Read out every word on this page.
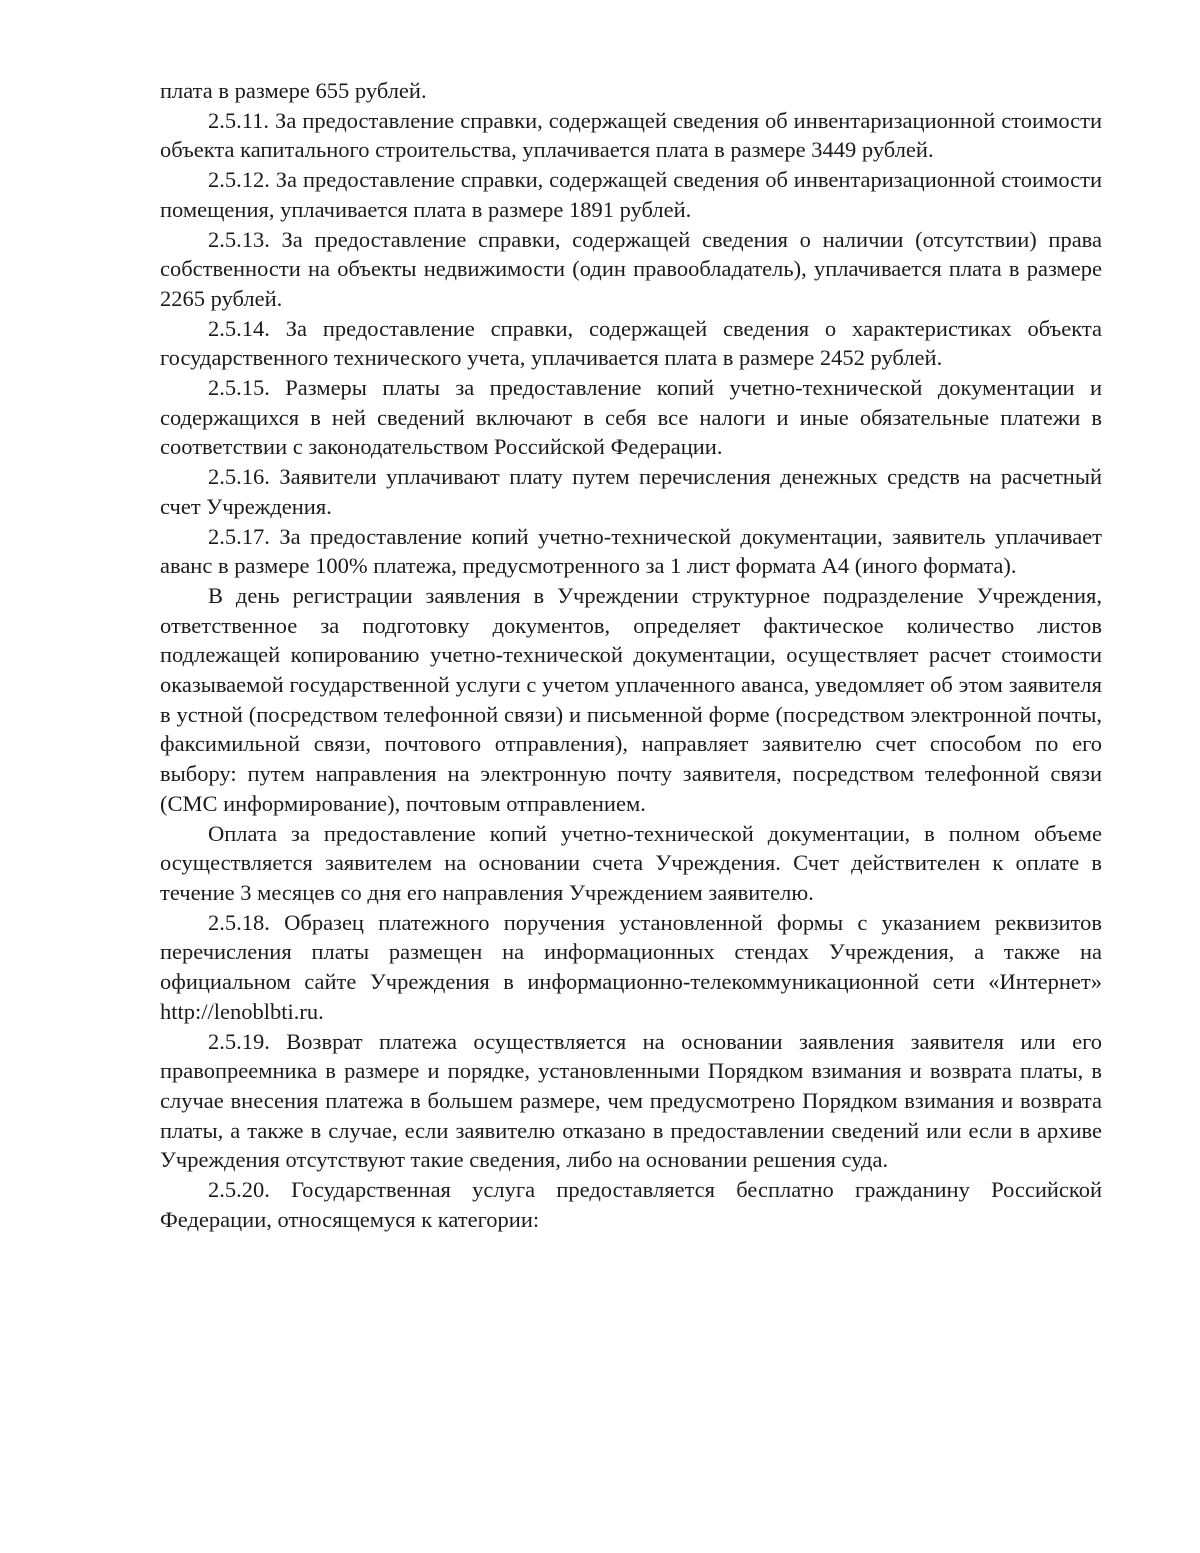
плата в размере 655 рублей.

2.5.11. За предоставление справки, содержащей сведения об инвентаризационной стоимости объекта капитального строительства, уплачивается плата в размере 3449 рублей.

2.5.12. За предоставление справки, содержащей сведения об инвентаризационной стоимости помещения, уплачивается плата в размере 1891 рублей.

2.5.13. За предоставление справки, содержащей сведения о наличии (отсутствии) права собственности на объекты недвижимости (один правообладатель), уплачивается плата в размере 2265 рублей.

2.5.14. За предоставление справки, содержащей сведения о характеристиках объекта государственного технического учета, уплачивается плата в размере 2452 рублей.

2.5.15. Размеры платы за предоставление копий учетно-технической документации и содержащихся в ней сведений включают в себя все налоги и иные обязательные платежи в соответствии с законодательством Российской Федерации.

2.5.16. Заявители уплачивают плату путем перечисления денежных средств на расчетный счет Учреждения.

2.5.17. За предоставление копий учетно-технической документации, заявитель уплачивает аванс в размере 100% платежа, предусмотренного за 1 лист формата А4 (иного формата).

В день регистрации заявления в Учреждении структурное подразделение Учреждения, ответственное за подготовку документов, определяет фактическое количество листов подлежащей копированию учетно-технической документации, осуществляет расчет стоимости оказываемой государственной услуги с учетом уплаченного аванса, уведомляет об этом заявителя в устной (посредством телефонной связи) и письменной форме (посредством электронной почты, факсимильной связи, почтового отправления), направляет заявителю счет способом по его выбору: путем направления на электронную почту заявителя, посредством телефонной связи (СМС информирование), почтовым отправлением.

Оплата за предоставление копий учетно-технической документации, в полном объеме осуществляется заявителем на основании счета Учреждения. Счет действителен к оплате в течение 3 месяцев со дня его направления Учреждением заявителю.

2.5.18. Образец платежного поручения установленной формы с указанием реквизитов перечисления платы размещен на информационных стендах Учреждения, а также на официальном сайте Учреждения в информационно-телекоммуникационной сети «Интернет» http://lenoblbti.ru.

2.5.19. Возврат платежа осуществляется на основании заявления заявителя или его правопреемника в размере и порядке, установленными Порядком взимания и возврата платы, в случае внесения платежа в большем размере, чем предусмотрено Порядком взимания и возврата платы, а также в случае, если заявителю отказано в предоставлении сведений или если в архиве Учреждения отсутствуют такие сведения, либо на основании решения суда.

2.5.20. Государственная услуга предоставляется бесплатно гражданину Российской Федерации, относящемуся к категории:
